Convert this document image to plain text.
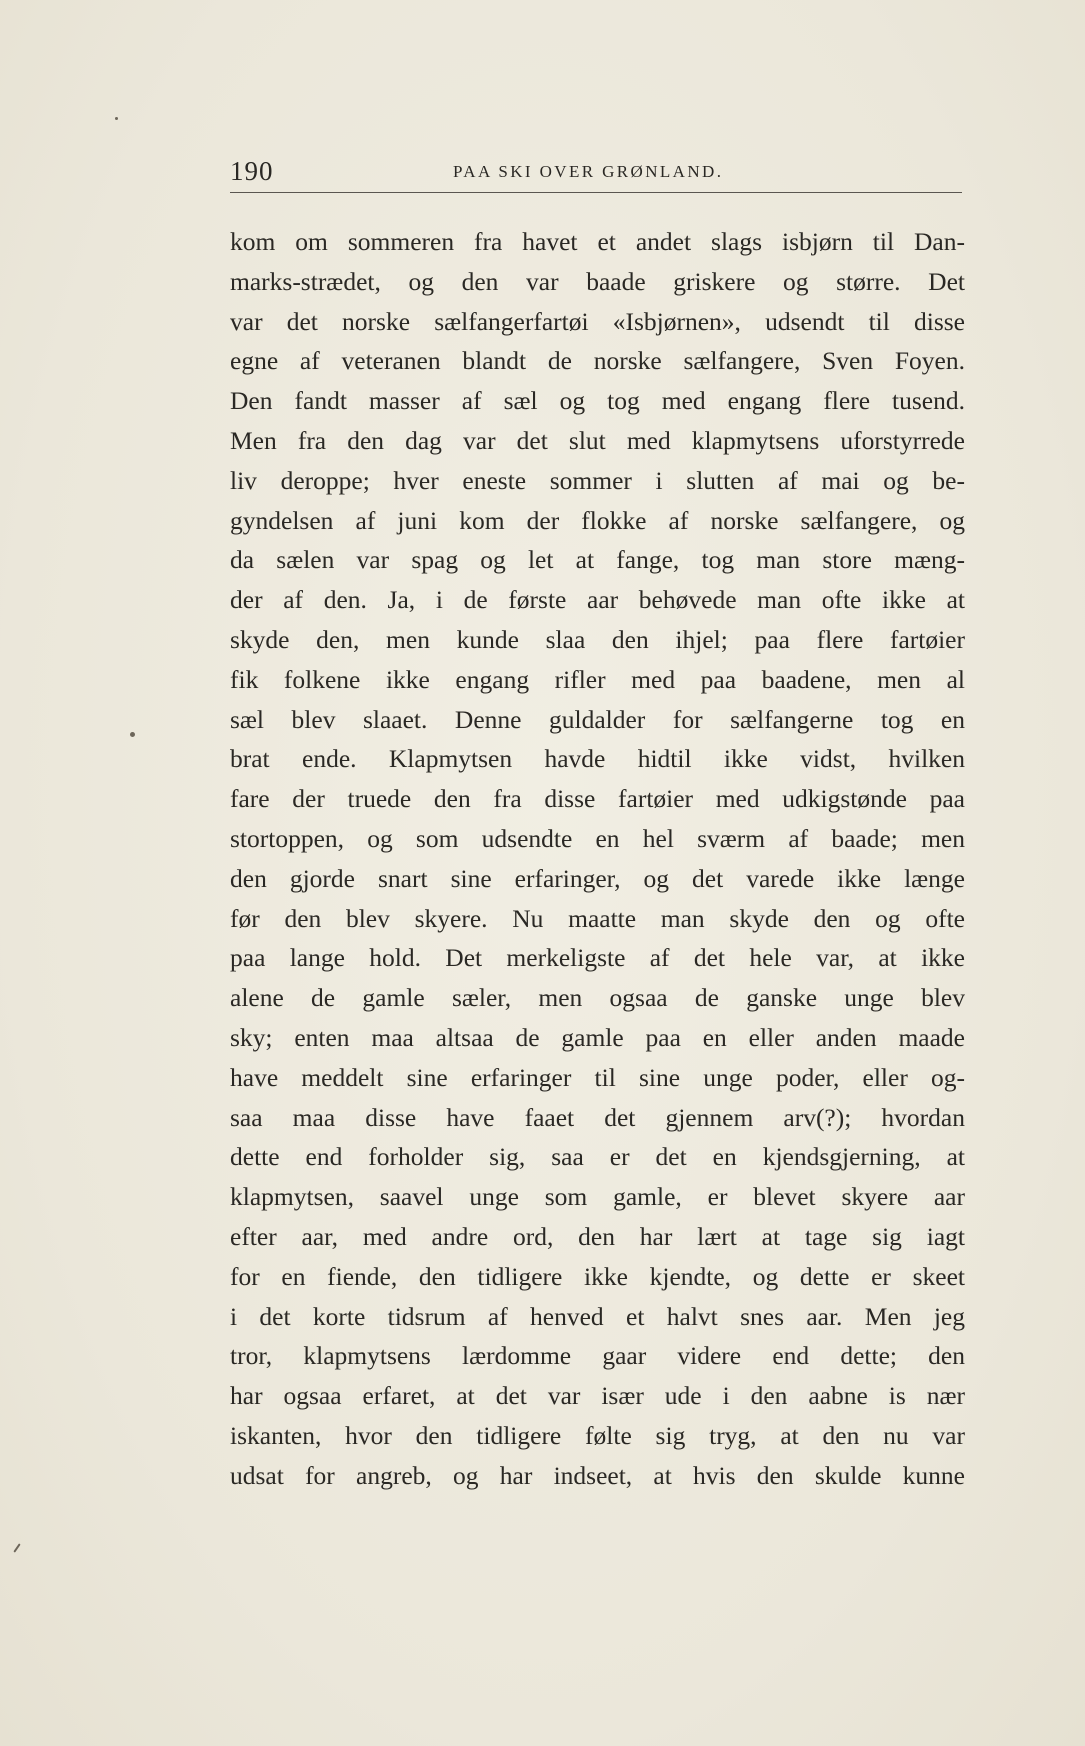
190	PAA SKI OVER GRØNLAND.
kom om sommeren fra havet et andet slags isbjørn til Dan-
marks-strædet, og den var baade griskere og større. Det
var det norske sælfangerfartøi «Isbjørnen», udsendt til disse
egne af veteranen blandt de norske sælfangere, Sven Foyen.
Den fandt masser af sæl og tog med engang flere tusend.
Men fra den dag var det slut med klapmytsens uforstyrrede
liv deroppe; hver eneste sommer i slutten af mai og be-
gyndelsen af juni kom der flokke af norske sælfangere, og
da sælen var spag og let at fange, tog man store mæng-
der af den. Ja, i de første aar behøvede man ofte ikke at
skyde den, men kunde slaa den ihjel; paa flere fartøier
fik folkene ikke engang rifler med paa baadene, men al
sæl blev slaaet. Denne guldalder for sælfangerne tog en
brat ende. Klapmytsen havde hidtil ikke vidst, hvilken
fare der truede den fra disse fartøier med udkigstønde paa
stortoppen, og som udsendte en hel sværm af baade; men
den gjorde snart sine erfaringer, og det varede ikke længe
før den blev skyere. Nu maatte man skyde den og ofte
paa lange hold. Det merkeligste af det hele var, at ikke
alene de gamle sæler, men ogsaa de ganske unge blev
sky; enten maa altsaa de gamle paa en eller anden maade
have meddelt sine erfaringer til sine unge poder, eller og-
saa maa disse have faaet det gjennem arv(?); hvordan
dette end forholder sig, saa er det en kjendsgjerning, at
klapmytsen, saavel unge som gamle, er blevet skyere aar
efter aar, med andre ord, den har lært at tage sig iagt
for en fiende, den tidligere ikke kjendte, og dette er skeet
i det korte tidsrum af henved et halvt snes aar. Men jeg
tror, klapmytsens lærdomme gaar videre end dette; den
har ogsaa erfaret, at det var især ude i den aabne is nær
iskanten, hvor den tidligere følte sig tryg, at den nu var
udsat for angreb, og har indseet, at hvis den skulde kunne
